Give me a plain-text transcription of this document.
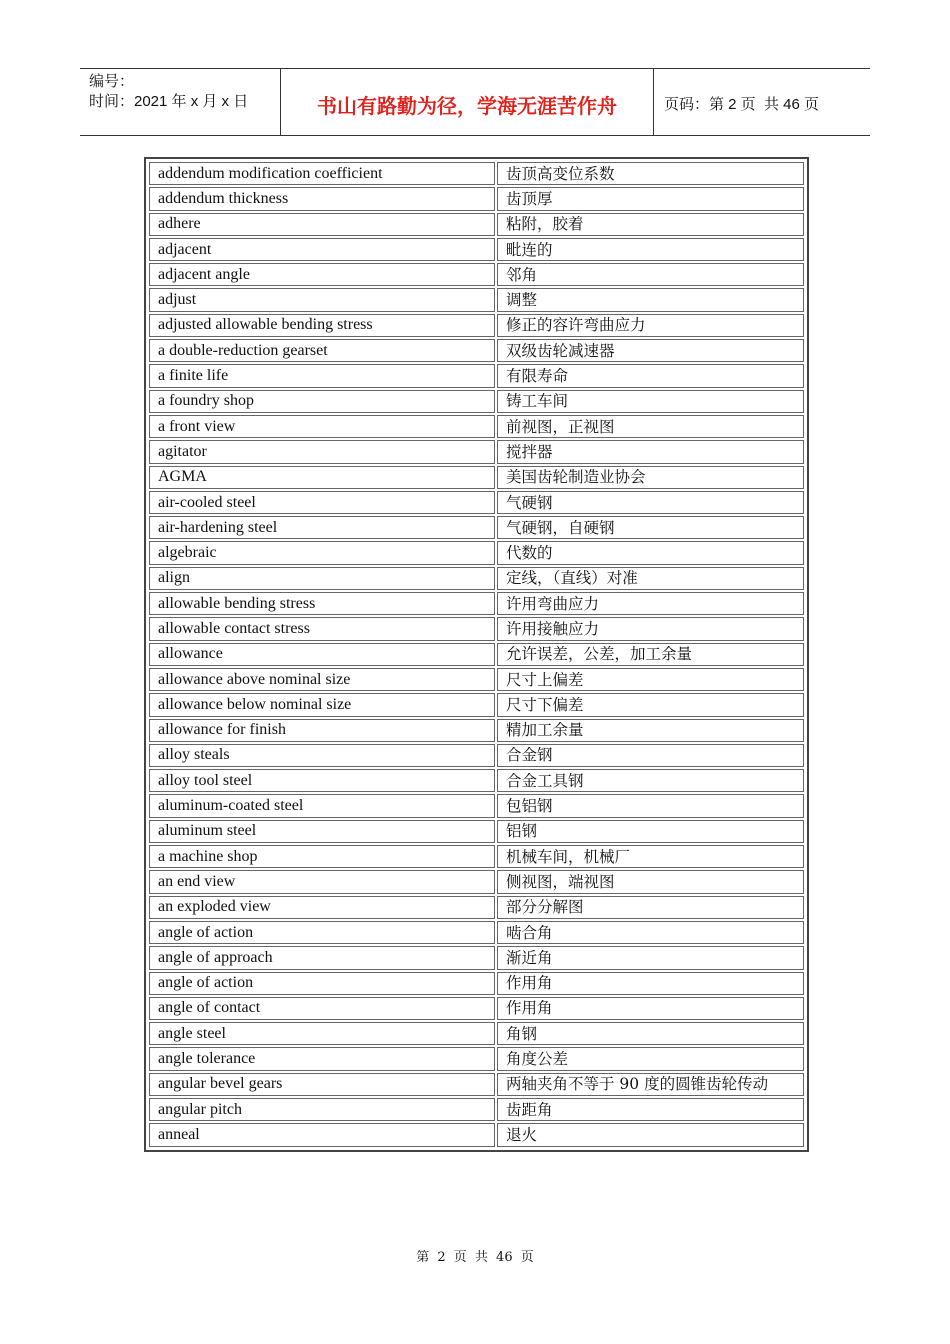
编号：
时间：2021 年 x 月 x 日	书山有路勤为径，学海无涯苦作舟	页码：第 2 页  共 46 页
addendum modification coefficient	齿顶高变位系数
addendum thickness	齿顶厚
adhere	粘附，胶着
adjacent	毗连的
adjacent angle	邻角
adjust	调整
adjusted allowable bending stress	修正的容许弯曲应力
a double-reduction gearset	双级齿轮减速器
a finite life	有限寿命
a foundry shop	铸工车间
a front view	前视图，正视图
agitator	搅拌器
AGMA	美国齿轮制造业协会
air-cooled steel	气硬钢
air-hardening steel	气硬钢，自硬钢
algebraic	代数的
align	定线，（直线）对准
allowable bending stress	许用弯曲应力
allowable contact stress	许用接触应力
allowance	允许误差，公差，加工余量
allowance above nominal size	尺寸上偏差
allowance below nominal size	尺寸下偏差
allowance for finish	精加工余量
alloy steals	合金钢
alloy tool steel	合金工具钢
aluminum-coated steel	包铝钢
aluminum steel	铝钢
a machine shop	机械车间，机械厂
an end view	侧视图，端视图
an exploded view	部分分解图
angle of action	啮合角
angle of approach	渐近角
angle of action	作用角
angle of contact	作用角
angle steel	角钢
angle tolerance	角度公差
angular bevel gears	两轴夹角不等于 90 度的圆锥齿轮传动
angular pitch	齿距角
anneal	退火
第 2 页 共 46 页
